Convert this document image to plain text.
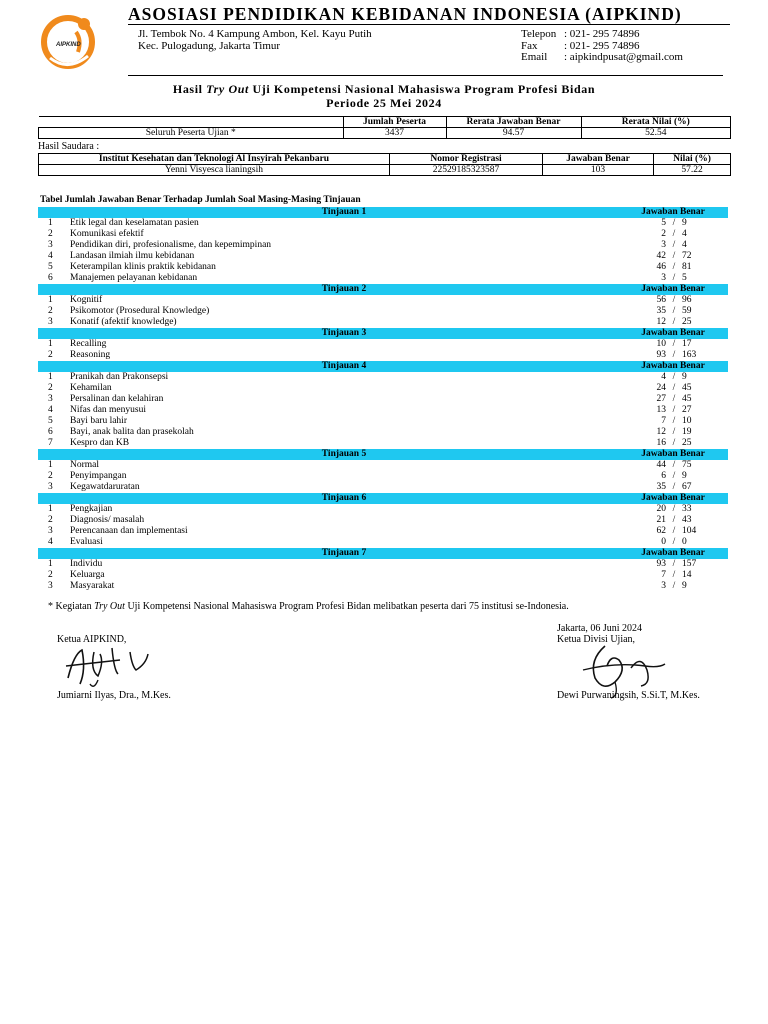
AIPKIND
ASOSIASI PENDIDIKAN KEBIDANAN INDONESIA (AIPKIND)
Jl. Tembok No. 4 Kampung Ambon, Kel. Kayu Putih
Kec. Pulogadung, Jakarta Timur
Telepon : 021- 295 74896
Fax : 021- 295 74896
Email : aipkindpusat@gmail.com
Hasil Try Out Uji Kompetensi Nasional Mahasiswa Program Profesi Bidan
Periode 25 Mei 2024
	Jumlah Peserta	Rerata Jawaban Benar	Rerata Nilai (%)
Seluruh Peserta Ujian *	3437	94.57	52.54
Hasil Saudara :
Institut Kesehatan dan Teknologi Al Insyirah Pekanbaru	Nomor Registrasi	Jawaban Benar	Nilai (%)
Yenni Visyesca lianingsih	22529185323587	103	57.22
Tabel Jumlah Jawaban Benar Terhadap Jumlah Soal Masing-Masing Tinjauan
	Tinjauan 1	Jawaban Benar
1	Etik legal dan keselamatan pasien	5 / 9
2	Komunikasi efektif	2 / 4
3	Pendidikan diri, profesionalisme, dan kepemimpinan	3 / 4
4	Landasan ilmiah ilmu kebidanan	42 / 72
5	Keterampilan klinis praktik kebidanan	46 / 81
6	Manajemen pelayanan kebidanan	3 / 5
	Tinjauan 2	Jawaban Benar
1	Kognitif	56 / 96
2	Psikomotor (Prosedural Knowledge)	35 / 59
3	Konatif (afektif knowledge)	12 / 25
	Tinjauan 3	Jawaban Benar
1	Recalling	10 / 17
2	Reasoning	93 / 163
	Tinjauan 4	Jawaban Benar
1	Pranikah dan Prakonsepsi	4 / 9
2	Kehamilan	24 / 45
3	Persalinan dan kelahiran	27 / 45
4	Nifas dan menyusui	13 / 27
5	Bayi baru lahir	7 / 10
6	Bayi, anak balita dan prasekolah	12 / 19
7	Kespro dan KB	16 / 25
	Tinjauan 5	Jawaban Benar
1	Normal	44 / 75
2	Penyimpangan	6 / 9
3	Kegawatdaruratan	35 / 67
	Tinjauan 6	Jawaban Benar
1	Pengkajian	20 / 33
2	Diagnosis/ masalah	21 / 43
3	Perencanaan dan implementasi	62 / 104
4	Evaluasi	0 / 0
	Tinjauan 7	Jawaban Benar
1	Individu	93 / 157
2	Keluarga	7 / 14
3	Masyarakat	3 / 9
* Kegiatan Try Out Uji Kompetensi Nasional Mahasiswa Program Profesi Bidan melibatkan peserta dari 75 institusi se-Indonesia.
Ketua AIPKIND,
Jumiarni Ilyas, Dra., M.Kes.
Jakarta, 06 Juni 2024
Ketua Divisi Ujian,
Dewi Purwaningsih, S.Si.T, M.Kes.
